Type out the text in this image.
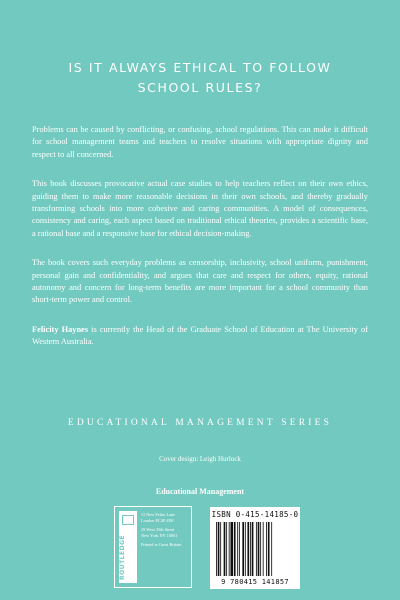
IS IT ALWAYS ETHICAL TO FOLLOW
SCHOOL RULES?

Problems can be caused by conflicting, or confusing, school regulations. This can make it difficult for school management teams and teachers to resolve situations with appropriate dignity and respect to all concerned.

This book discusses provocative actual case studies to help teachers reflect on their own ethics, guiding them to make more reasonable decisions in their own schools, and thereby gradually transforming schools into more cohesive and caring communities. A model of consequences, consistency and caring, each aspect based on traditional ethical theories, provides a scientific base, a rational base and a responsive base for ethical decision-making.

The book covers such everyday problems as censorship, inclusivity, school uniform, punishment, personal gain and confidentiality, and argues that care and respect for others, equity, rational autonomy and concern for long-term benefits are more important for a school community than short-term power and control.

Felicity Haynes is currently the Head of the Graduate School of Education at The University of Western Australia.

EDUCATIONAL MANAGEMENT SERIES
Cover design: Leigh Hurlock
Educational Management
ROUTLEDGE
11 New Fetter Lane
London EC4P 4EE
29 West 35th Street
New York NY 10001
Printed in Great Britain
ISBN 0-415-14185-0
9 780415 141857
